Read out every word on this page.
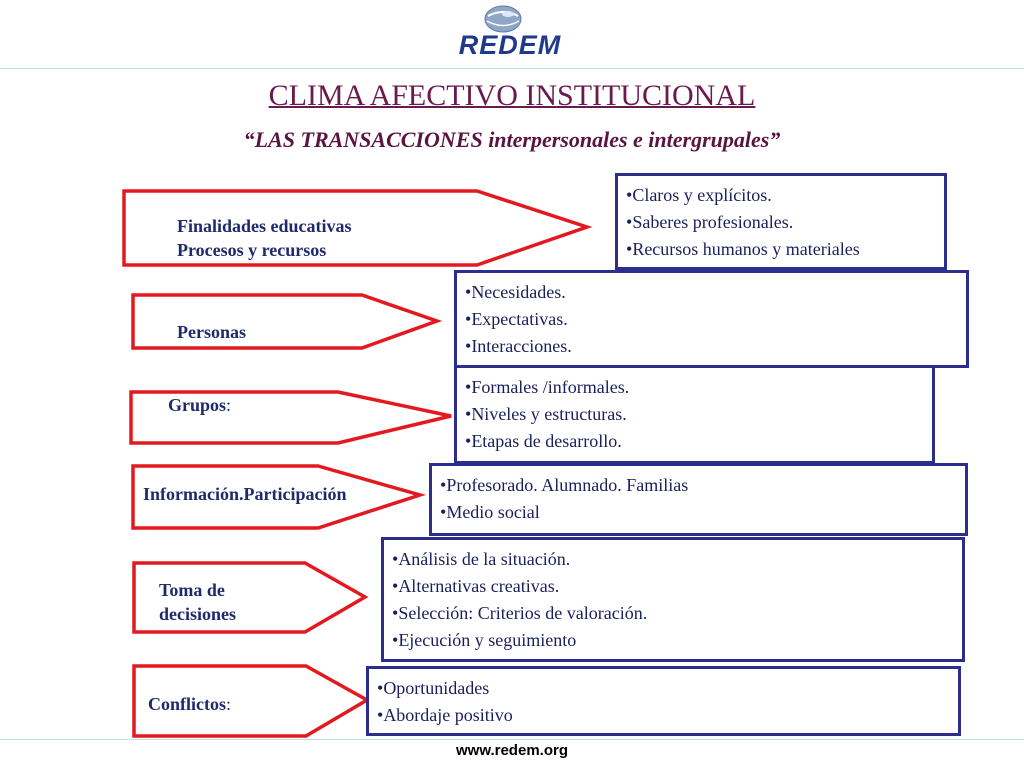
REDEM
CLIMA AFECTIVO INSTITUCIONAL
“LAS TRANSACCIONES interpersonales e intergrupales”
Finalidades educativas
Procesos y recursos
Personas
Grupos:
Información.Participación
Toma de
decisiones
Conflictos:
• Claros y explícitos.
• Saberes profesionales.
• Recursos humanos y materiales
• Necesidades.
• Expectativas.
• Interacciones.
• Formales /informales.
• Niveles y estructuras.
• Etapas de desarrollo.
• Profesorado. Alumnado. Familias
• Medio social
• Análisis de la situación.
• Alternativas creativas.
• Selección: Criterios de valoración.
• Ejecución y seguimiento
• Oportunidades
• Abordaje positivo
www.redem.org
